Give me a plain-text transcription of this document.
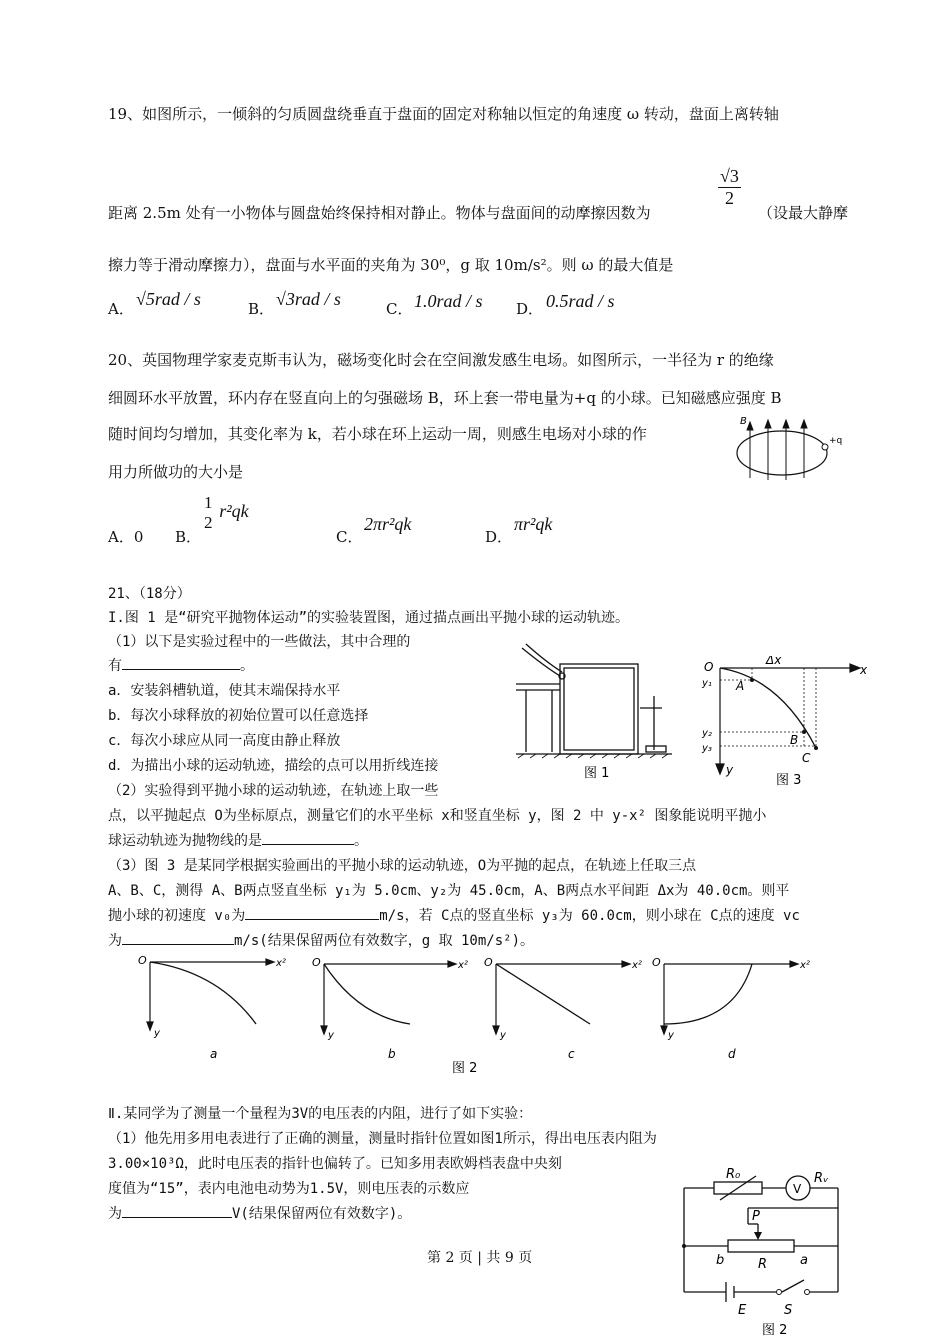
19、如图所示，一倾斜的匀质圆盘绕垂直于盘面的固定对称轴以恒定的角速度 ω 转动，盘面上离转轴
距离 2.5m 处有一小物体与圆盘始终保持相对静止。物体与盘面间的动摩擦因数为
$\frac{√3}{2}$
（设最大静摩
擦力等于滑动摩擦力），盘面与水平面的夹角为 30⁰，g 取 10m/s²。则 ω 的最大值是
A． √5rad / s	B． √3rad / s	C． 1.0rad / s D． 0.5rad / s
20、英国物理学家麦克斯韦认为，磁场变化时会在空间激发感生电场。如图所示，一半径为 r 的绝缘
细圆环水平放置，环内存在竖直向上的匀强磁场 B，环上套一带电量为+q 的小球。已知磁感应强度 B
随时间均匀增加，其变化率为 k，若小球在环上运动一周，则感生电场对小球的作
用力所做功的大小是
B
+q
A．0 B．
1
2
r²qk
C．
2πr²qk
D．
πr²qk
21、（18分）
I.图 1 是“研究平抛物体运动”的实验装置图，通过描点画出平抛小球的运动轨迹。
（1）以下是实验过程中的一些做法，其中合理的
有	。
a．安装斜槽轨道，使其末端保持水平
b．每次小球释放的初始位置可以任意选择
c．每次小球应从同一高度由静止释放
d．为描出小球的运动轨迹，描绘的点可以用折线连接
（2）实验得到平抛小球的运动轨迹，在轨迹上取一些
点，以平抛起点 O为坐标原点，测量它们的水平坐标 x和竖直坐标 y，图 2 中 y-x² 图象能说明平抛小
球运动轨迹为抛物线的是	。
（3）图 3 是某同学根据实验画出的平抛小球的运动轨迹，O为平抛的起点，在轨迹上任取三点
A、B、C，测得 A、B两点竖直坐标 y₁为 5.0cm、y₂为 45.0cm，A、B两点水平间距 Δx为 40.0cm。则平
抛小球的初速度 v₀为	m/s，若 C点的竖直坐标 y₃为 60.0cm，则小球在 C点的速度 vc
为	m/s(结果保留两位有效数字，g 取 10m/s²)。
图 1
O	Δx
x
y
y₁
y₂
y₃
A
B
C
图 3
O	x²
y
a
O	x²
y
b
O	x²
y
c
O	x²
y
d
图 2
Ⅱ.某同学为了测量一个量程为3V的电压表的内阻，进行了如下实验：
（1）他先用多用电表进行了正确的测量，测量时指针位置如图1所示，得出电压表内阻为
3.00×10³Ω，此时电压表的指针也偏转了。已知多用表欧姆档表盘中央刻
度值为“15”，表内电池电动势为1.5V，则电压表的示数应
为	V(结果保留两位有效数字)。
R₀
V
Rᵥ
P
b	R	a
E	S
图 2
第 2 页 | 共 9 页
